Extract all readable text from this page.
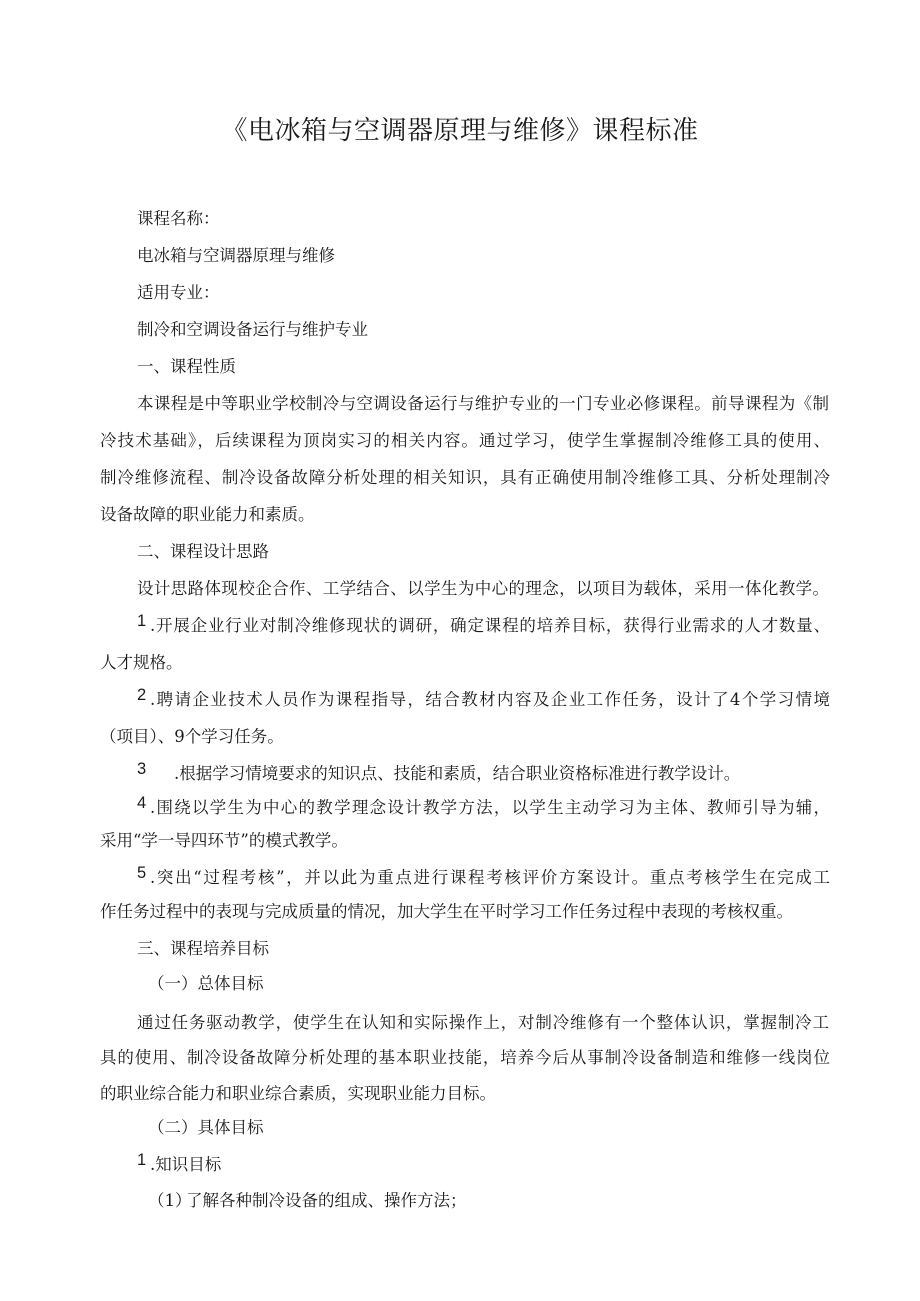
《电冰箱与空调器原理与维修》课程标准
课程名称：
电冰箱与空调器原理与维修
适用专业：
制冷和空调设备运行与维护专业
一、课程性质
本课程是中等职业学校制冷与空调设备运行与维护专业的一门专业必修课程。前导课程为《制
冷技术基础》，后续课程为顶岗实习的相关内容。通过学习，使学生掌握制冷维修工具的使用、
制冷维修流程、制冷设备故障分析处理的相关知识，具有正确使用制冷维修工具、分析处理制冷
设备故障的职业能力和素质。
二、课程设计思路
设计思路体现校企合作、工学结合、以学生为中心的理念，以项目为载体，采用一体化教学。
1 .开展企业行业对制冷维修现状的调研，确定课程的培养目标，获得行业需求的人才数量、
人才规格。
2 .聘请企业技术人员作为课程指导，结合教材内容及企业工作任务，设计了4个学习情境
（项目）、9个学习任务。
3 .根据学习情境要求的知识点、技能和素质，结合职业资格标准进行教学设计。
4 .围绕以学生为中心的教学理念设计教学方法，以学生主动学习为主体、教师引导为辅，
采用“学一导四环节”的模式教学。
5 .突出“过程考核”，并以此为重点进行课程考核评价方案设计。重点考核学生在完成工
作任务过程中的表现与完成质量的情况，加大学生在平时学习工作任务过程中表现的考核权重。
三、课程培养目标
（一）总体目标
通过任务驱动教学，使学生在认知和实际操作上，对制冷维修有一个整体认识，掌握制冷工
具的使用、制冷设备故障分析处理的基本职业技能，培养今后从事制冷设备制造和维修一线岗位
的职业综合能力和职业综合素质，实现职业能力目标。
（二）具体目标
1 .知识目标
（1）
了解各种制冷设备的组成、操作方法；
